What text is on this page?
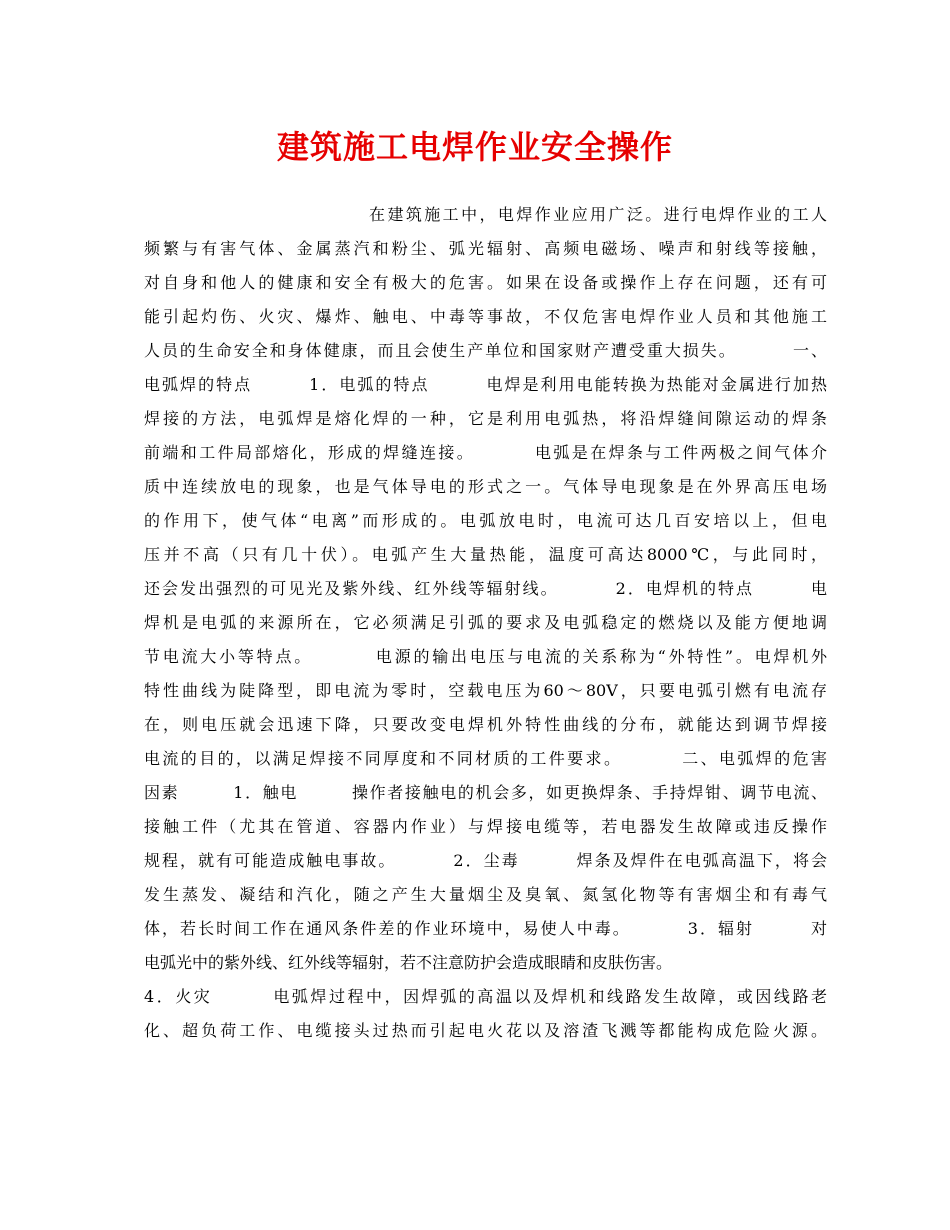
建筑施工电焊作业安全操作
在建筑施工中，电焊作业应用广泛。进行电焊作业的工人
频繁与有害气体、金属蒸汽和粉尘、弧光辐射、高频电磁场、噪声和射线等接触，
对自身和他人的健康和安全有极大的危害。如果在设备或操作上存在问题，还有可
能引起灼伤、火灾、爆炸、触电、中毒等事故，不仅危害电焊作业人员和其他施工
人员的生命安全和身体健康，而且会使生产单位和国家财产遭受重大损失。        一、
电弧焊的特点        1．电弧的特点        电焊是利用电能转换为热能对金属进行加热
焊接的方法，电弧焊是熔化焊的一种，它是利用电弧热，将沿焊缝间隙运动的焊条
前端和工件局部熔化，形成的焊缝连接。        电弧是在焊条与工件两极之间气体介
质中连续放电的现象，也是气体导电的形式之一。气体导电现象是在外界高压电场
的作用下，使气体“电离”而形成的。电弧放电时，电流可达几百安培以上，但电
压并不高（只有几十伏）。电弧产生大量热能，温度可高达8000℃，与此同时，
还会发出强烈的可见光及紫外线、红外线等辐射线。        2．电焊机的特点        电
焊机是电弧的来源所在，它必须满足引弧的要求及电弧稳定的燃烧以及能方便地调
节电流大小等特点。        电源的输出电压与电流的关系称为“外特性”。电焊机外
特性曲线为陡降型，即电流为零时，空载电压为60～80V，只要电弧引燃有电流存
在，则电压就会迅速下降，只要改变电焊机外特性曲线的分布，就能达到调节焊接
电流的目的，以满足焊接不同厚度和不同材质的工件要求。        二、电弧焊的危害
因素        1．触电        操作者接触电的机会多，如更换焊条、手持焊钳、调节电流、
接触工件（尤其在管道、容器内作业）与焊接电缆等，若电器发生故障或违反操作
规程，就有可能造成触电事故。        2．尘毒        焊条及焊件在电弧高温下，将会
发生蒸发、凝结和汽化，随之产生大量烟尘及臭氧、氮氢化物等有害烟尘和有毒气
体，若长时间工作在通风条件差的作业环境中，易使人中毒。        3．辐射        对
电弧光中的紫外线、红外线等辐射，若不注意防护会造成眼睛和皮肤伤害。
4．火灾        电弧焊过程中，因焊弧的高温以及焊机和线路发生故障，或因线路老
化、超负荷工作、电缆接头过热而引起电火花以及溶渣飞溅等都能构成危险火源。
